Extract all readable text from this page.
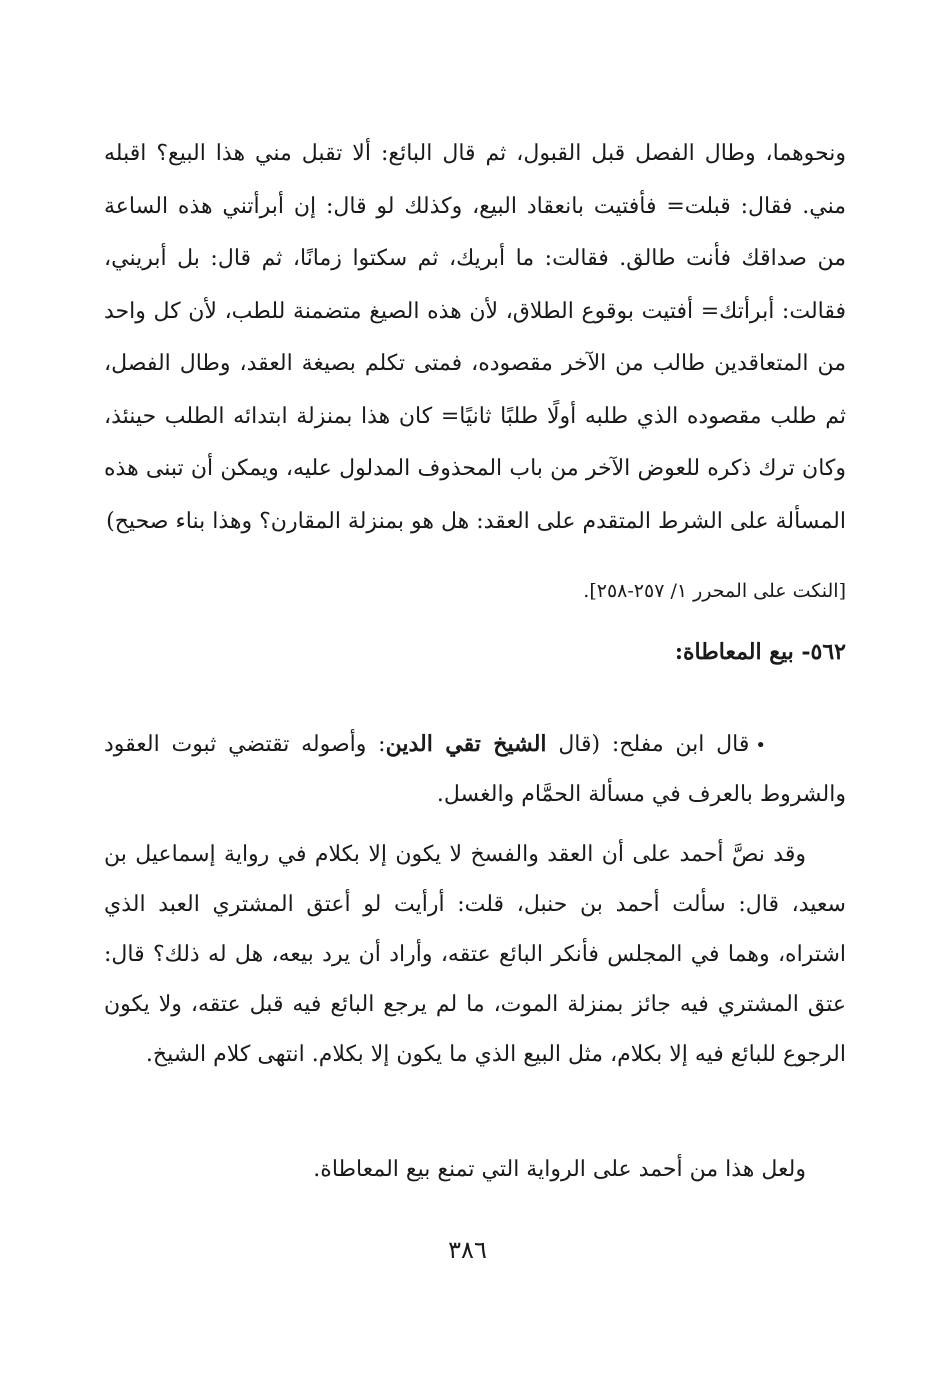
ونحوهما، وطال الفصل قبل القبول، ثم قال البائع: ألا تقبل مني هذا البيع؟ اقبله مني. فقال: قبلت= فأفتيت بانعقاد البيع، وكذلك لو قال: إن أبرأتني هذه الساعة من صداقك فأنت طالق. فقالت: ما أبريك، ثم سكتوا زمانًا، ثم قال: بل أبريني، فقالت: أبرأتك= أفتيت بوقوع الطلاق، لأن هذه الصيغ متضمنة للطب، لأن كل واحد من المتعاقدين طالب من الآخر مقصوده، فمتى تكلم بصيغة العقد، وطال الفصل، ثم طلب مقصوده الذي طلبه أولًا طلبًا ثانيًا= كان هذا بمنزلة ابتدائه الطلب حينئذ، وكان ترك ذكره للعوض الآخر من باب المحذوف المدلول عليه، ويمكن أن تبنى هذه المسألة على الشرط المتقدم على العقد: هل هو بمنزلة المقارن؟ وهذا بناء صحيح)

[النكت على المحرر ١/ ٢٥٧-٢٥٨].
٥٦٢- بيع المعاطاة:

•قال ابن مفلح: (قال الشيخ تقي الدين: وأصوله تقتضي ثبوت العقود والشروط بالعرف في مسألة الحمَّام والغسل.

وقد نصَّ أحمد على أن العقد والفسخ لا يكون إلا بكلام في رواية إسماعيل بن سعيد، قال: سألت أحمد بن حنبل، قلت: أرأيت لو أعتق المشتري العبد الذي اشتراه، وهما في المجلس فأنكر البائع عتقه، وأراد أن يرد بيعه، هل له ذلك؟ قال: عتق المشتري فيه جائز بمنزلة الموت، ما لم يرجع البائع فيه قبل عتقه، ولا يكون الرجوع للبائع فيه إلا بكلام، مثل البيع الذي ما يكون إلا بكلام. انتهى كلام الشيخ.

ولعل هذا من أحمد على الرواية التي تمنع بيع المعاطاة.

٣٨٦
